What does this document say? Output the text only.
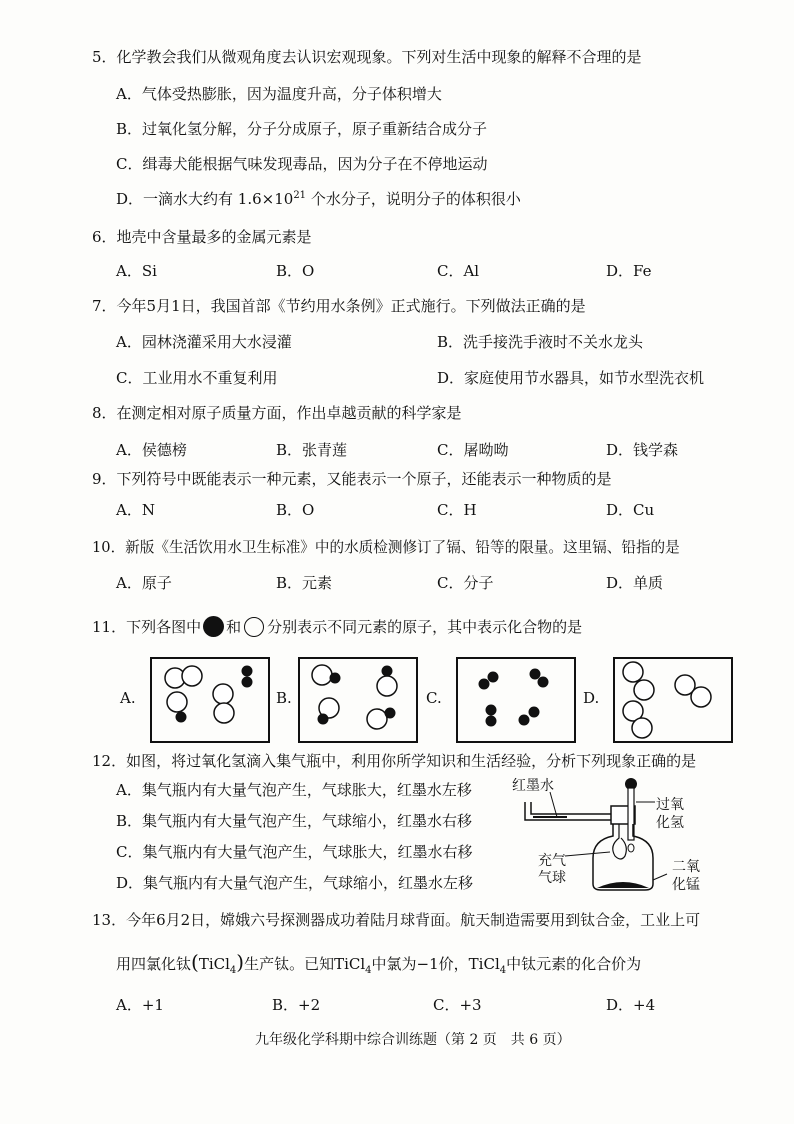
5．化学教会我们从微观角度去认识宏观现象。下列对生活中现象的解释不合理的是
A．气体受热膨胀，因为温度升高，分子体积增大
B．过氧化氢分解，分子分成原子，原子重新结合成分子
C．缉毒犬能根据气味发现毒品，因为分子在不停地运动
D．一滴水大约有 $1.6\times 10^{21}$ 个水分子，说明分子的体积很小
6．地壳中含量最多的金属元素是
A．Si	B．O	C．Al	D．Fe
7．今年5月1日，我国首部《节约用水条例》正式施行。下列做法正确的是
A．园林浇灌采用大水浸灌	B．洗手接洗手液时不关水龙头
C．工业用水不重复利用	D．家庭使用节水器具，如节水型洗衣机
8．在测定相对原子质量方面，作出卓越贡献的科学家是
A．侯德榜	B．张青莲	C．屠呦呦	D．钱学森
9．下列符号中既能表示一种元素，又能表示一个原子，还能表示一种物质的是
A．N	B．O	C．H	D．Cu
10．新版《生活饮用水卫生标准》中的水质检测修订了镉、铅等的限量。这里镉、铅指的是
A．原子	B．元素	C．分子	D．单质
11．下列各图中 和 分别表示不同元素的原子，其中表示化合物的是
A.	B.	C.	D.
12．如图，将过氧化氢滴入集气瓶中，利用你所学知识和生活经验，分析下列现象正确的是
A．集气瓶内有大量气泡产生，气球胀大，红墨水左移
B．集气瓶内有大量气泡产生，气球缩小，红墨水右移
C．集气瓶内有大量气泡产生，气球胀大，红墨水右移
D．集气瓶内有大量气泡产生，气球缩小，红墨水左移
红墨水
过氧
化氢
充气
气球
二氧
化锰
13．今年6月2日，嫦娥六号探测器成功着陆月球背面。航天制造需要用到钛合金，工业上可
用四氯化钛(TiCl$_4$)生产钛。已知TiCl$_4$中氯为−1价，TiCl$_4$中钛元素的化合价为
A．+1	B．+2	C．+3	D．+4
九年级化学科期中综合训练题（第 2 页　共 6 页）
